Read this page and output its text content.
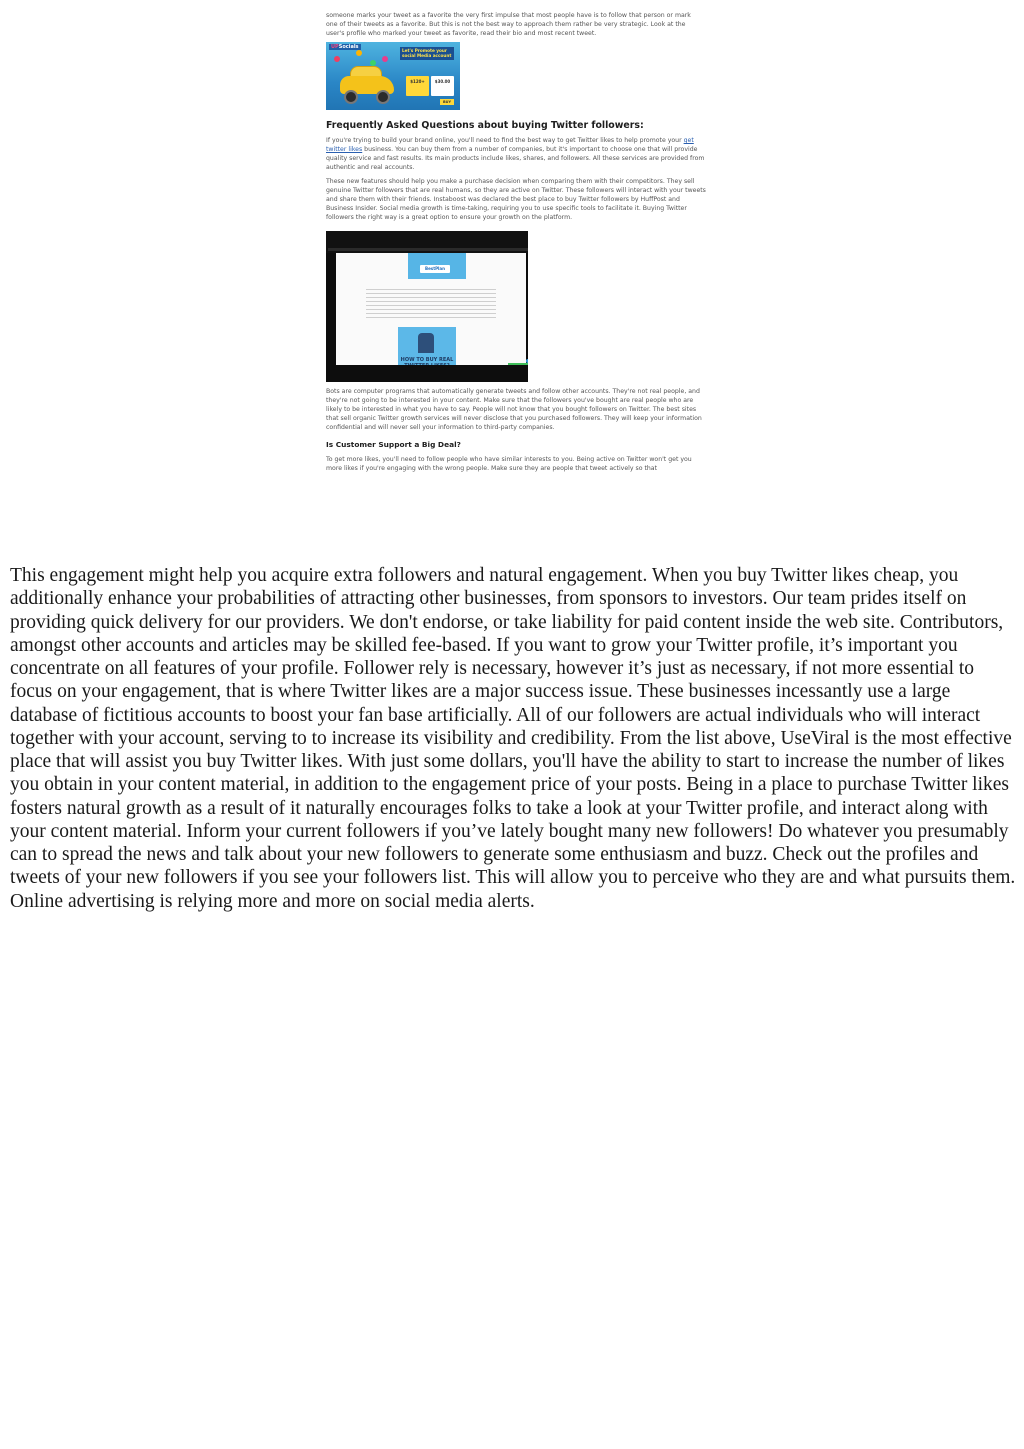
someone marks your tweet as a favorite the very first impulse that most people have is to follow that person or mark one of their tweets as a favorite. But this is not the best way to approach them rather be very strategic. Look at the user's profile who marked your tweet as favorite, read their bio and most recent tweet.

UPSocials
Let's Promote your social Media account
$120+	$30.00
BUY

Frequently Asked Questions about buying Twitter followers:

If you're trying to build your brand online, you'll need to find the best way to get Twitter likes to help promote your get twitter likes business. You can buy them from a number of companies, but it's important to choose one that will provide quality service and fast results. Its main products include likes, shares, and followers. All these services are provided from authentic and real accounts.

These new features should help you make a purchase decision when comparing them with their competitors. They sell genuine Twitter followers that are real humans, so they are active on Twitter. These followers will interact with your tweets and share them with their friends. Instaboost was declared the best place to buy Twitter followers by HuffPost and Business Insider. Social media growth is time-taking, requiring you to use specific tools to facilitate it. Buying Twitter followers the right way is a great option to ensure your growth on the platform.

BestPlan
HOW TO BUY REAL

Bots are computer programs that automatically generate tweets and follow other accounts. They're not real people, and they're not going to be interested in your content. Make sure that the followers you've bought are real people who are likely to be interested in what you have to say. People will not know that you bought followers on Twitter. The best sites that sell organic Twitter growth services will never disclose that you purchased followers. They will keep your information confidential and will never sell your information to third-party companies.

Is Customer Support a Big Deal?

To get more likes, you'll need to follow people who have similar interests to you. Being active on Twitter won't get you more likes if you're engaging with the wrong people. Make sure they are people that tweet actively so that

This engagement might help you acquire extra followers and natural engagement. When you buy Twitter likes cheap, you additionally enhance your probabilities of attracting other businesses, from sponsors to investors. Our team prides itself on providing quick delivery for our providers. We don't endorse, or take liability for paid content inside the web site. Contributors, amongst other accounts and articles may be skilled fee-based. If you want to grow your Twitter profile, it’s important you concentrate on all features of your profile. Follower rely is necessary, however it’s just as necessary, if not more essential to focus on your engagement, that is where Twitter likes are a major success issue. These businesses incessantly use a large database of fictitious accounts to boost your fan base artificially. All of our followers are actual individuals who will interact together with your account, serving to to increase its visibility and credibility. From the list above, UseViral is the most effective place that will assist you buy Twitter likes. With just some dollars, you'll have the ability to start to increase the number of likes you obtain in your content material, in addition to the engagement price of your posts. Being in a place to purchase Twitter likes fosters natural growth as a result of it naturally encourages folks to take a look at your Twitter profile, and interact along with your content material. Inform your current followers if you’ve lately bought many new followers! Do whatever you presumably can to spread the news and talk about your new followers to generate some enthusiasm and buzz. Check out the profiles and tweets of your new followers if you see your followers list. This will allow you to perceive who they are and what pursuits them. Online advertising is relying more and more on social media alerts.
